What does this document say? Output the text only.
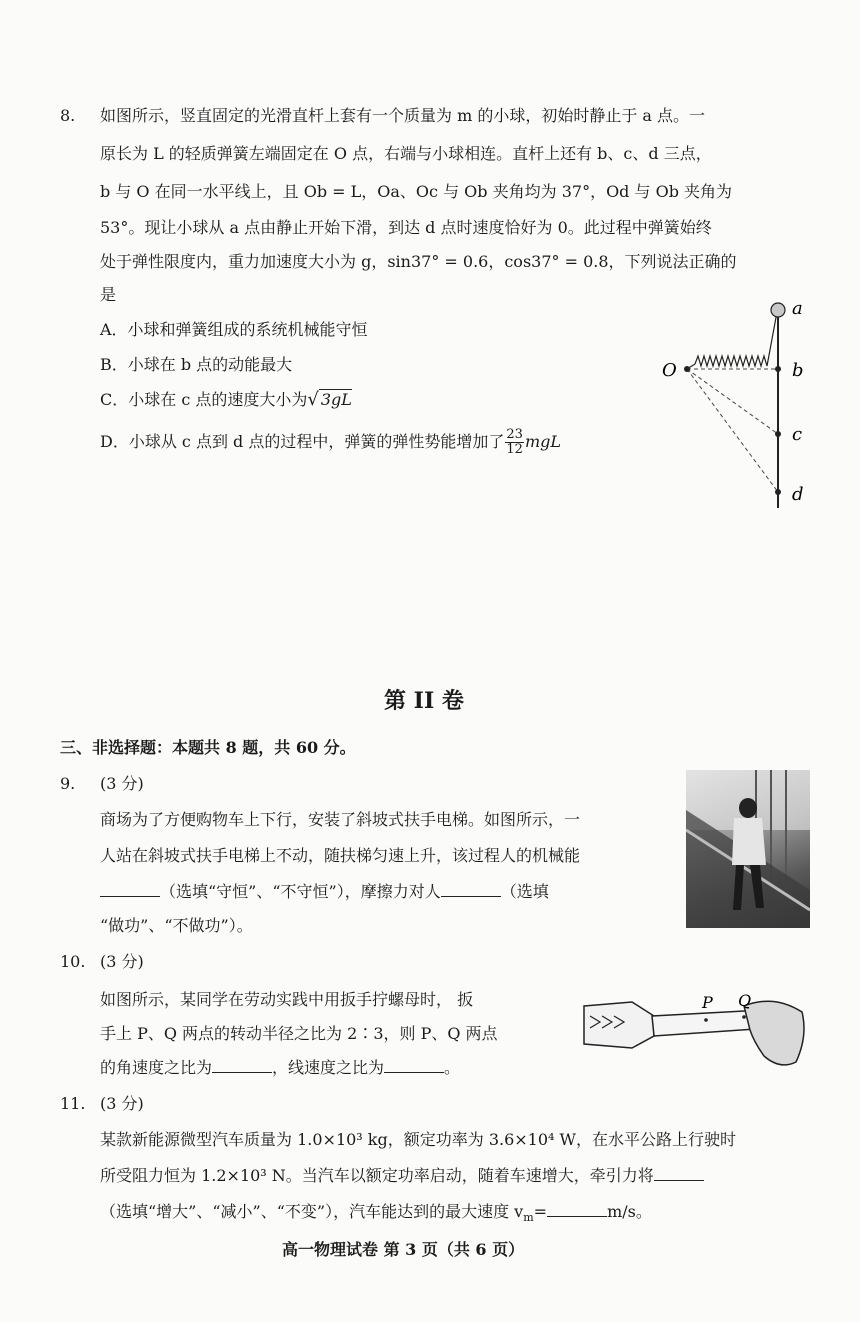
8. 如图所示，竖直固定的光滑直杆上套有一个质量为 m 的小球，初始时静止于 a 点。一
原长为 L 的轻质弹簧左端固定在 O 点，右端与小球相连。直杆上还有 b、c、d 三点，
b 与 O 在同一水平线上，且 Ob = L，Oa、Oc 与 Ob 夹角均为 37°，Od 与 Ob 夹角为
53°。现让小球从 a 点由静止开始下滑，到达 d 点时速度恰好为 0。此过程中弹簧始终
处于弹性限度内，重力加速度大小为 g，sin37° = 0.6，cos37° = 0.8，下列说法正确的
是
A．小球和弹簧组成的系统机械能守恒
B．小球在 b 点的动能最大
C．小球在 c 点的速度大小为√ 3gL
D．小球从 c 点到 d 点的过程中，弹簧的弹性势能增加了 $\frac{23}{12}$ mgL
O
a
b
c
d
第 II 卷
三、非选择题：本题共 8 题，共 60 分。
9. (3 分)
商场为了方便购物车上下行，安装了斜坡式扶手电梯。如图所示，一
人站在斜坡式扶手电梯上不动，随扶梯匀速上升，该过程人的机械能
（选填“守恒”、“不守恒”），摩擦力对人	（选填
“做功”、“不做功”）。
10. (3 分)
如图所示，某同学在劳动实践中用扳手拧螺母时， 扳
手上 P、Q 两点的转动半径之比为 2∶3，则 P、Q 两点
的角速度之比为	，线速度之比为	。
P Q
11. (3 分)
某款新能源微型汽车质量为 1.0×10³ kg，额定功率为 3.6×10⁴ W，在水平公路上行驶时
所受阻力恒为 1.2×10³ N。当汽车以额定功率启动，随着车速增大，牵引力将
（选填“增大”、“减小”、“不变”），汽车能达到的最大速度 $v_m=$	m/s。
高一物理试卷 第 3 页（共 6 页）
